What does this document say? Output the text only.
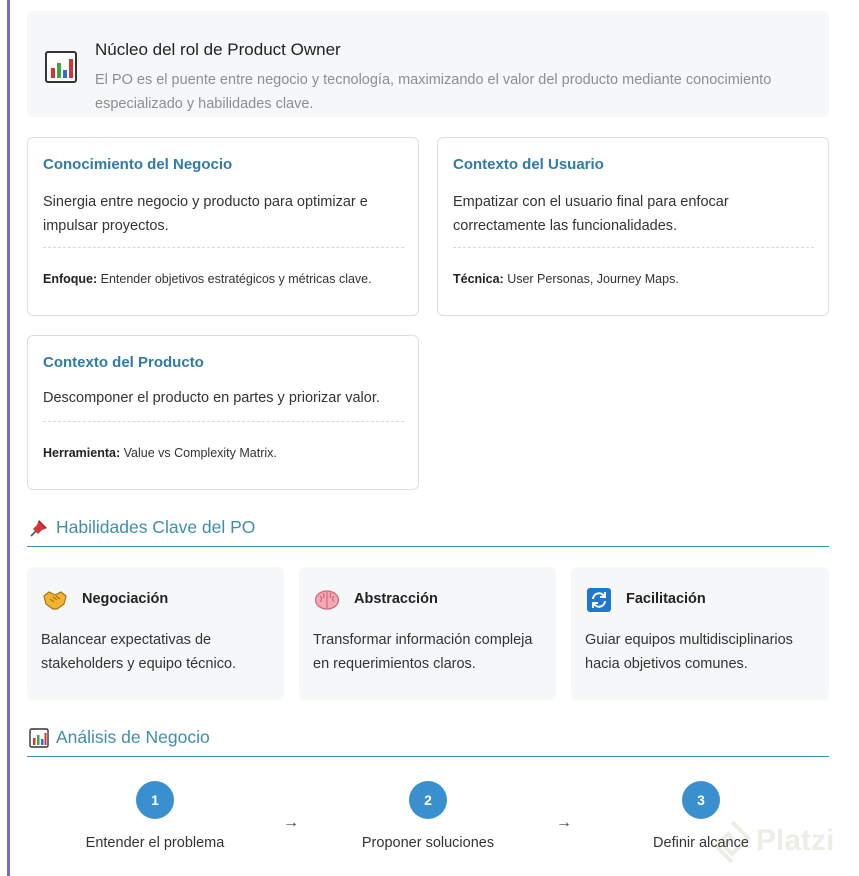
Núcleo del rol de Product Owner
El PO es el puente entre negocio y tecnología, maximizando el valor del producto mediante conocimiento especializado y habilidades clave.
Conocimiento del Negocio
Sinergia entre negocio y producto para optimizar e impulsar proyectos.
Enfoque: Entender objetivos estratégicos y métricas clave.
Contexto del Usuario
Empatizar con el usuario final para enfocar correctamente las funcionalidades.
Técnica: User Personas, Journey Maps.
Contexto del Producto
Descomponer el producto en partes y priorizar valor.
Herramienta: Value vs Complexity Matrix.
Habilidades Clave del PO
Negociación
Balancear expectativas de stakeholders y equipo técnico.
Abstracción
Transformar información compleja en requerimientos claros.
Facilitación
Guiar equipos multidisciplinarios hacia objetivos comunes.
Análisis de Negocio
1
Entender el problema
→
2
Proponer soluciones
→
3
Definir alcance Platzi
